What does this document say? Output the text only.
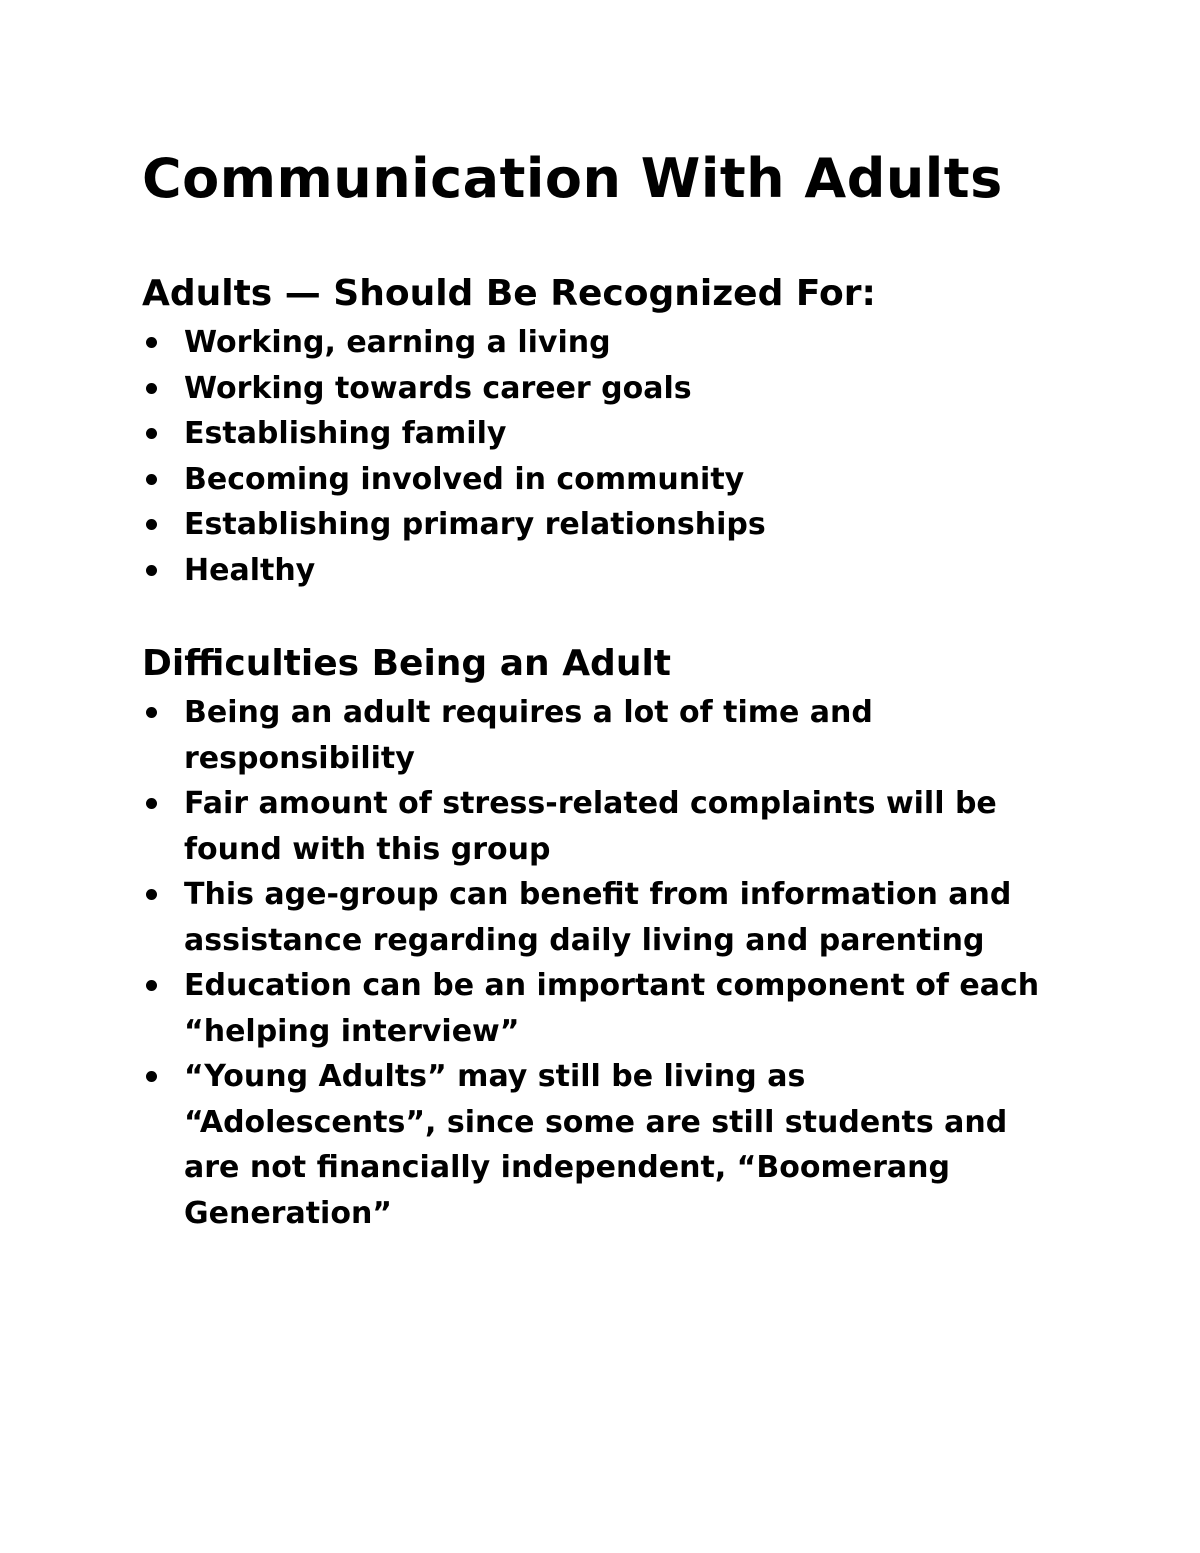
Communication With Adults
Adults — Should Be Recognized For:
Working, earning a living
Working towards career goals
Establishing family
Becoming involved in community
Establishing primary relationships
Healthy
Difficulties Being an Adult
Being an adult requires a lot of time and responsibility
Fair amount of stress-related complaints will be found with this group
This age-group can benefit from information and assistance regarding daily living and parenting
Education can be an important component of each “helping interview”
“Young Adults” may still be living as “Adolescents”, since some are still students and are not financially independent, “Boomerang Generation”
